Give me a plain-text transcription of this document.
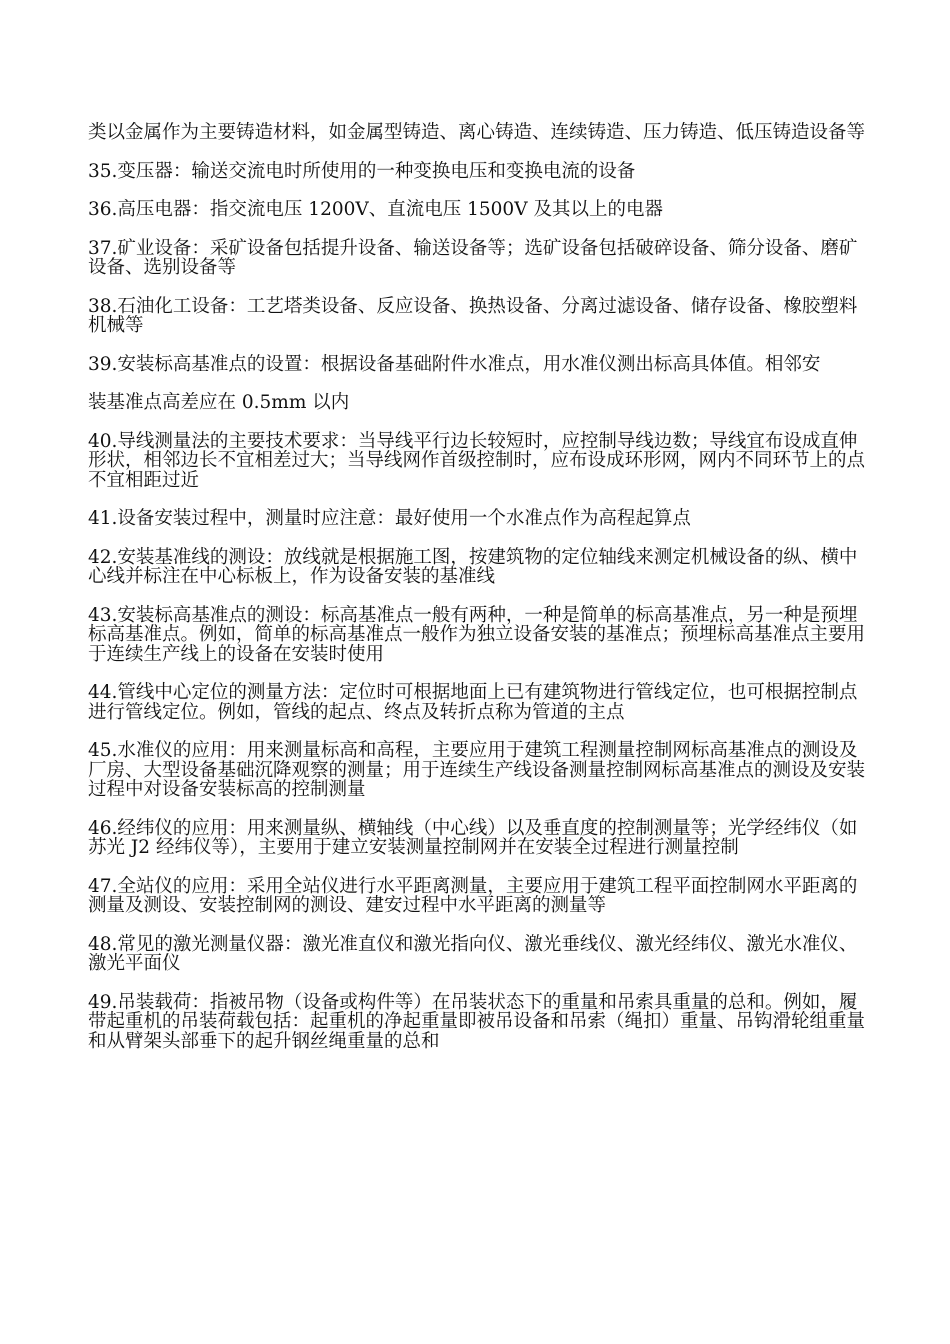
类以金属作为主要铸造材料，如金属型铸造、离心铸造、连续铸造、压力铸造、低压铸造设备等

35.变压器：输送交流电时所使用的一种变换电压和变换电流的设备

36.高压电器：指交流电压 1200V、直流电压 1500V 及其以上的电器

37.矿业设备：采矿设备包括提升设备、输送设备等；选矿设备包括破碎设备、筛分设备、磨矿设备、选别设备等

38.石油化工设备：工艺塔类设备、反应设备、换热设备、分离过滤设备、储存设备、橡胶塑料机械等

39.安装标高基准点的设置：根据设备基础附件水准点，用水准仪测出标高具体值。相邻安

装基准点高差应在 0.5mm 以内

40.导线测量法的主要技术要求：当导线平行边长较短时，应控制导线边数；导线宜布设成直伸形状，相邻边长不宜相差过大；当导线网作首级控制时，应布设成环形网，网内不同环节上的点不宜相距过近

41.设备安装过程中，测量时应注意：最好使用一个水准点作为高程起算点

42.安装基准线的测设：放线就是根据施工图，按建筑物的定位轴线来测定机械设备的纵、横中心线并标注在中心标板上，作为设备安装的基准线

43.安装标高基准点的测设：标高基准点一般有两种，一种是简单的标高基准点，另一种是预埋标高基准点。例如，简单的标高基准点一般作为独立设备安装的基准点；预埋标高基准点主要用于连续生产线上的设备在安装时使用

44.管线中心定位的测量方法：定位时可根据地面上已有建筑物进行管线定位，也可根据控制点进行管线定位。例如，管线的起点、终点及转折点称为管道的主点

45.水准仪的应用：用来测量标高和高程，主要应用于建筑工程测量控制网标高基准点的测设及厂房、大型设备基础沉降观察的测量；用于连续生产线设备测量控制网标高基准点的测设及安装过程中对设备安装标高的控制测量

46.经纬仪的应用：用来测量纵、横轴线（中心线）以及垂直度的控制测量等；光学经纬仪（如苏光 J2 经纬仪等），主要用于建立安装测量控制网并在安装全过程进行测量控制

47.全站仪的应用：采用全站仪进行水平距离测量，主要应用于建筑工程平面控制网水平距离的测量及测设、安装控制网的测设、建安过程中水平距离的测量等

48.常见的激光测量仪器：激光准直仪和激光指向仪、激光垂线仪、激光经纬仪、激光水准仪、激光平面仪

49.吊装载荷：指被吊物（设备或构件等）在吊装状态下的重量和吊索具重量的总和。例如，履带起重机的吊装荷载包括：起重机的净起重量即被吊设备和吊索（绳扣）重量、吊钩滑轮组重量和从臂架头部垂下的起升钢丝绳重量的总和
